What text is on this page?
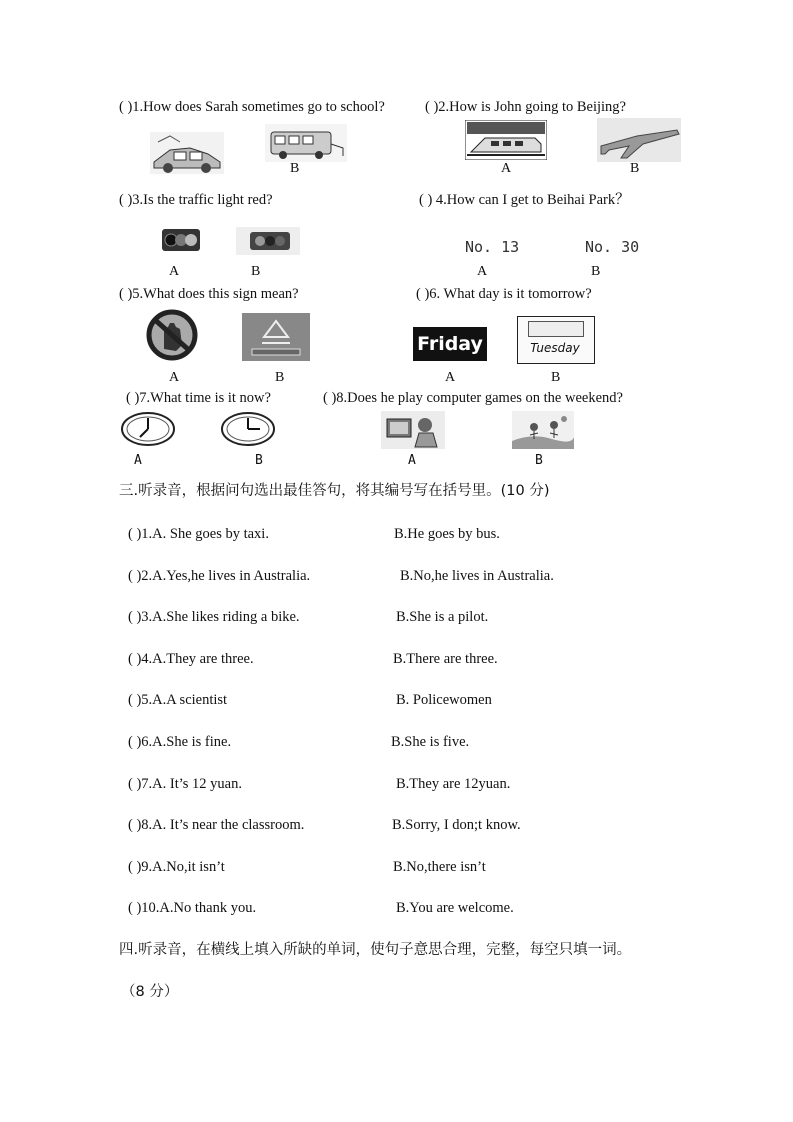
( )1.How does Sarah sometimes go to school?	( )2.How is John going to Beijing?
B	A	B
( )3.Is the traffic light red?	( ) 4.How can I get to Beihai Park？
A	B
No. 13	No. 30
A	B
( )5.What does this sign mean?	( )6. What day is it tomorrow?
A	B
Friday	Tuesday
A	B
( )7.What time is it now?	( )8.Does he play computer games on the weekend?
A	B	A	B
三.听录音，根据问句选出最佳答句，将其编号写在括号里。(10 分)
( )1.A. She goes by taxi.	B.He goes by bus.
( )2.A.Yes,he lives in Australia.	B.No,he lives in Australia.
( )3.A.She likes riding a bike.	B.She is a pilot.
( )4.A.They are three.	B.There are three.
( )5.A.A scientist	B. Policewomen
( )6.A.She is fine.	B.She is five.
( )7.A. It’s 12 yuan.	B.They are 12yuan.
( )8.A. It’s near the classroom.	B.Sorry, I don;t know.
( )9.A.No,it isn’t	B.No,there isn’t
( )10.A.No thank you.	B.You are welcome.
四.听录音，在横线上填入所缺的单词，使句子意思合理，完整，每空只填一词。
（8 分）
